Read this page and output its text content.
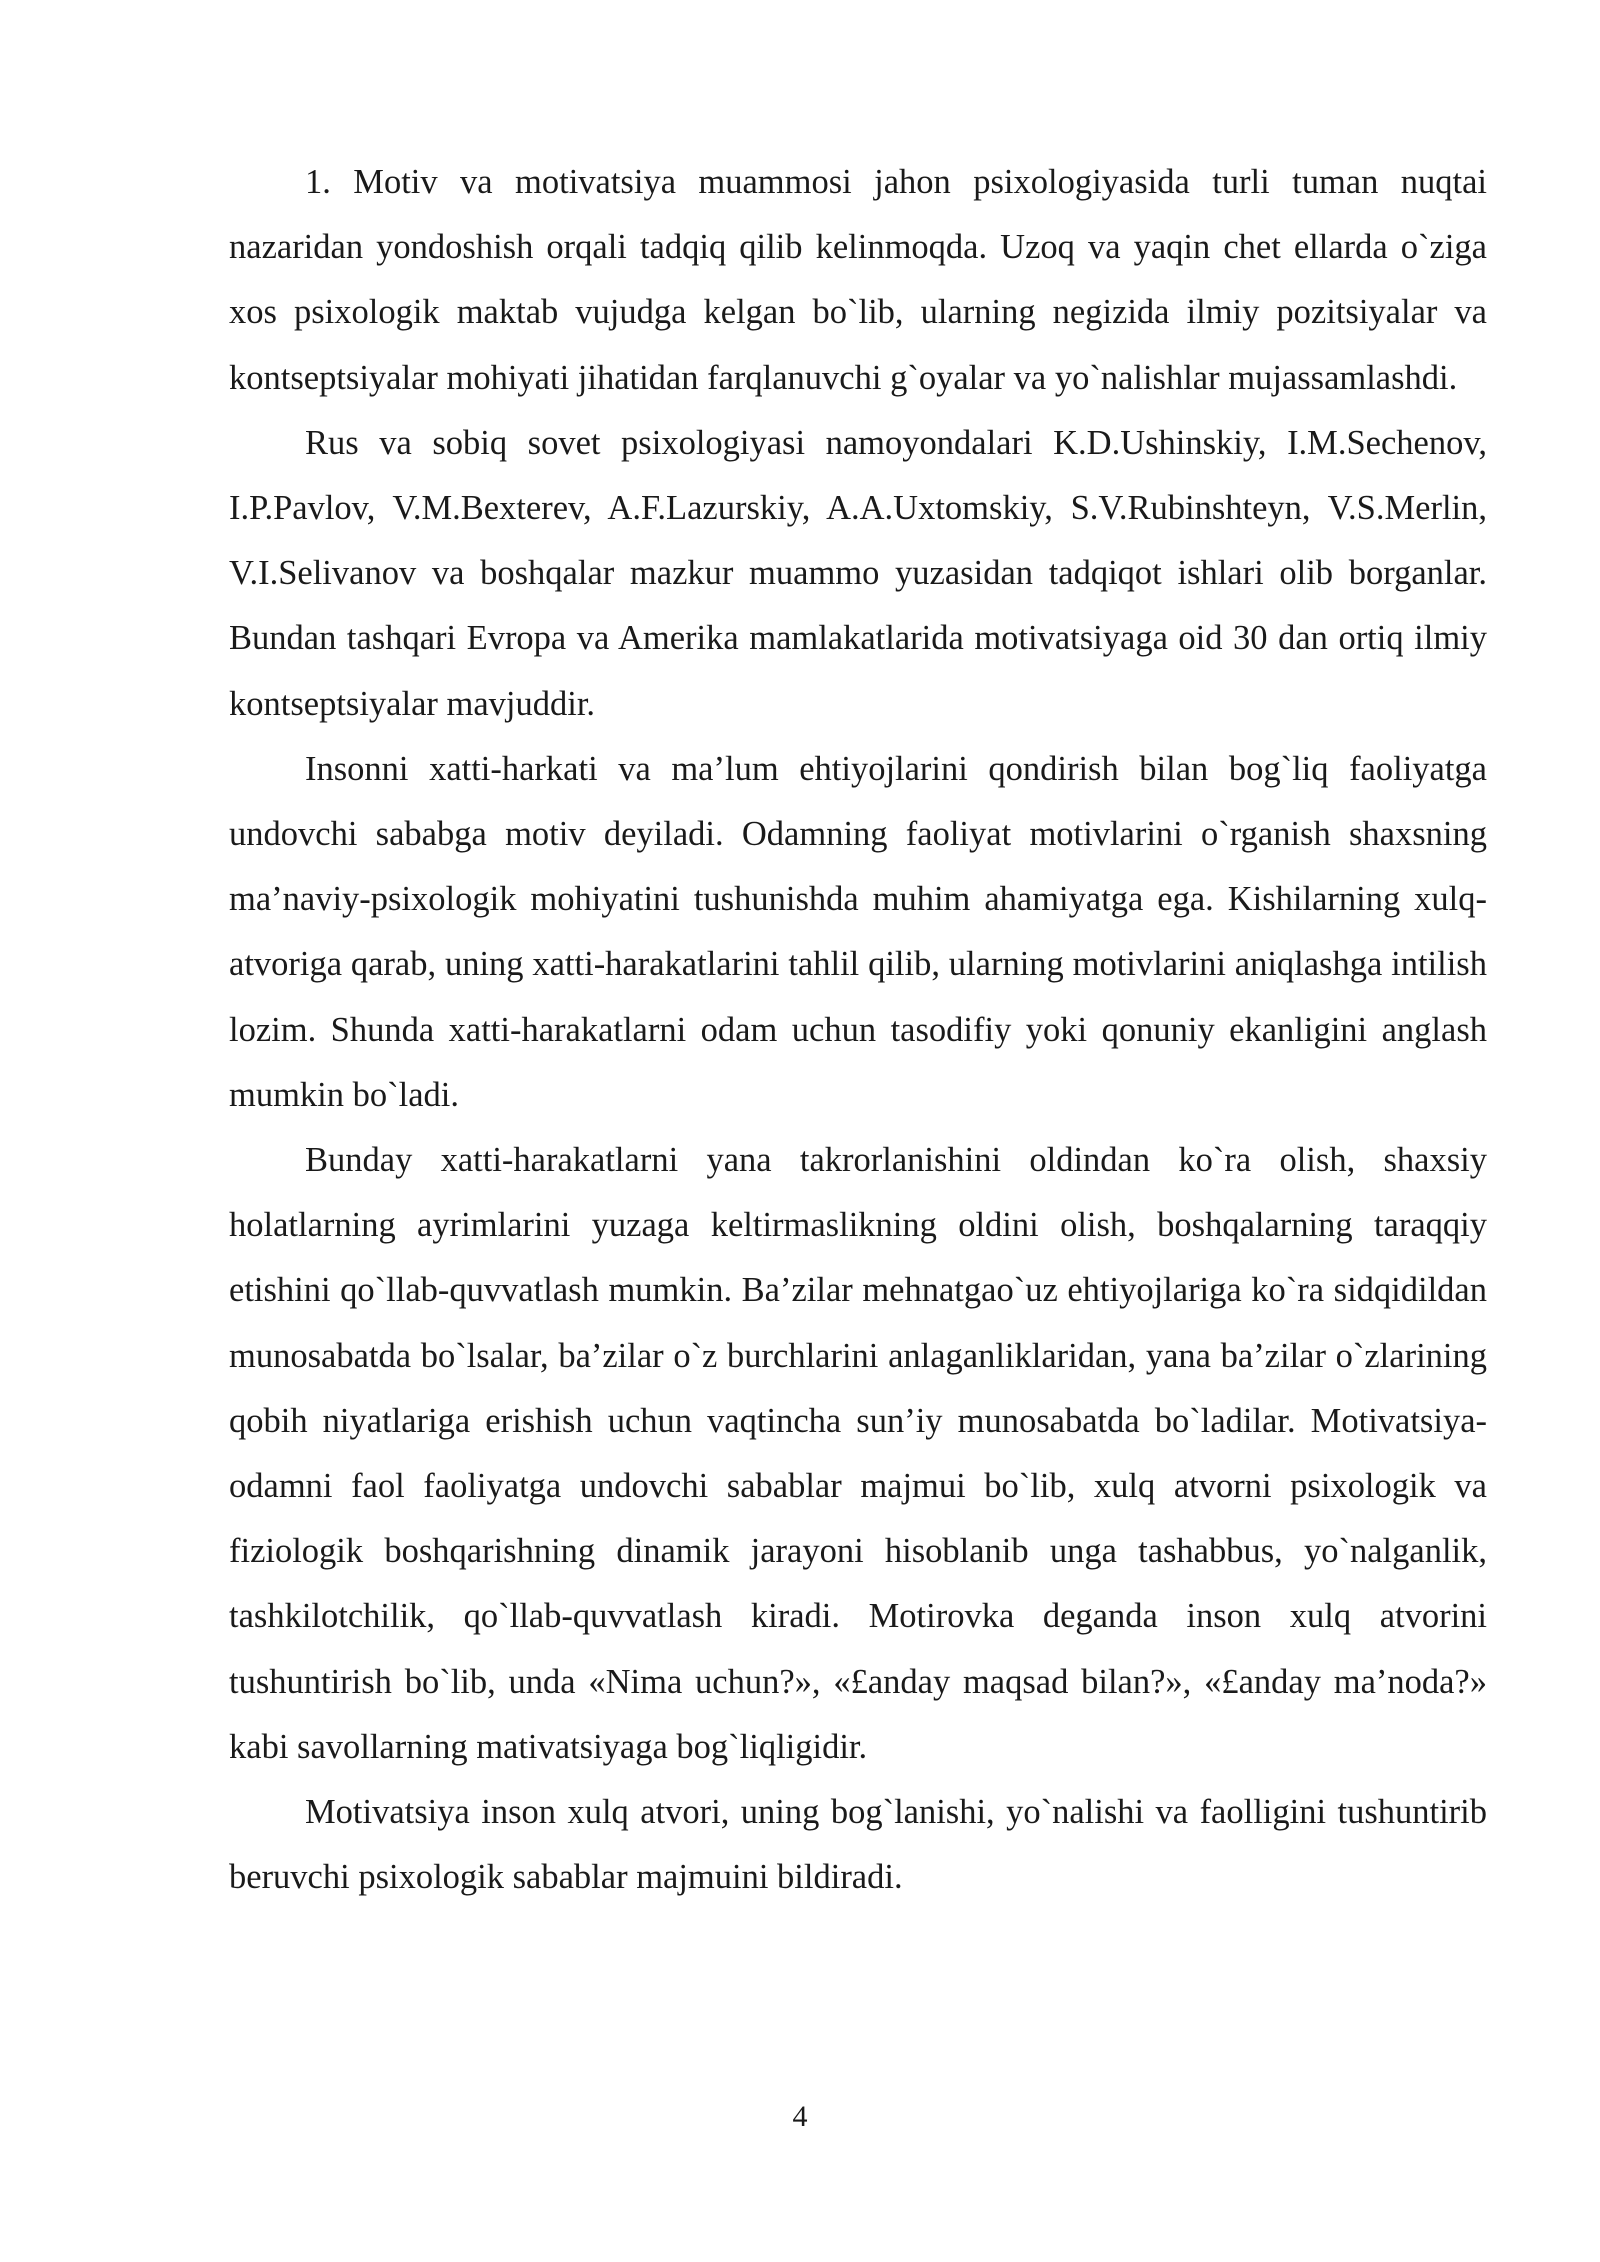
1. Motiv va motivatsiya muammosi jahon psixologiyasida turli tuman nuqtai nazaridan yondoshish orqali tadqiq qilib kelinmoqda. Uzoq va yaqin chet ellarda o`ziga xos psixologik maktab vujudga kelgan bo`lib, ularning negizida ilmiy pozitsiyalar va kontseptsiyalar mohiyati jihatidan farqlanuvchi g`oyalar va yo`nalishlar mujassamlashdi.

Rus va sobiq sovet psixologiyasi namoyondalari K.D.Ushinskiy, I.M.Sechenov, I.P.Pavlov, V.M.Bexterev, A.F.Lazurskiy, A.A.Uxtomskiy, S.V.Rubinshteyn, V.S.Merlin, V.I.Selivanov va boshqalar mazkur muammo yuzasidan tadqiqot ishlari olib borganlar. Bundan tashqari Evropa va Amerika mamlakatlarida motivatsiyaga oid 30 dan ortiq ilmiy kontseptsiyalar mavjuddir.

Insonni xatti-harkati va ma’lum ehtiyojlarini qondirish bilan bog`liq faoliyatga undovchi sababga motiv deyiladi. Odamning faoliyat motivlarini o`rganish shaxsning ma’naviy-psixologik mohiyatini tushunishda muhim ahamiyatga ega. Kishilarning xulq-atvoriga qarab, uning xatti-harakatlarini tahlil qilib, ularning motivlarini aniqlashga intilish lozim. Shunda xatti-harakatlarni odam uchun tasodifiy yoki qonuniy ekanligini anglash mumkin bo`ladi.

Bunday xatti-harakatlarni yana takrorlanishini oldindan ko`ra olish, shaxsiy holatlarning ayrimlarini yuzaga keltirmaslikning oldini olish, boshqalarning taraqqiy etishini qo`llab-quvvatlash mumkin. Ba’zilar mehnatgao`uz ehtiyojlariga ko`ra sidqidildan munosabatda bo`lsalar, ba’zilar o`z burchlarini anlaganliklaridan, yana ba’zilar o`zlarining qobih niyatlariga erishish uchun vaqtincha sun’iy munosabatda bo`ladilar. Motivatsiya- odamni faol faoliyatga undovchi sabablar majmui bo`lib, xulq atvorni psixologik va fiziologik boshqarishning dinamik jarayoni hisoblanib unga tashabbus, yo`nalganlik, tashkilotchilik, qo`llab-quvvatlash kiradi. Motirovka deganda inson xulq atvorini tushuntirish bo`lib, unda «Nima uchun?», «£anday maqsad bilan?», «£anday ma’noda?» kabi savollarning mativatsiyaga bog`liqligidir.

Motivatsiya inson xulq atvori, uning bog`lanishi, yo`nalishi va faolligini tushuntirib beruvchi psixologik sabablar majmuini bildiradi.

4
